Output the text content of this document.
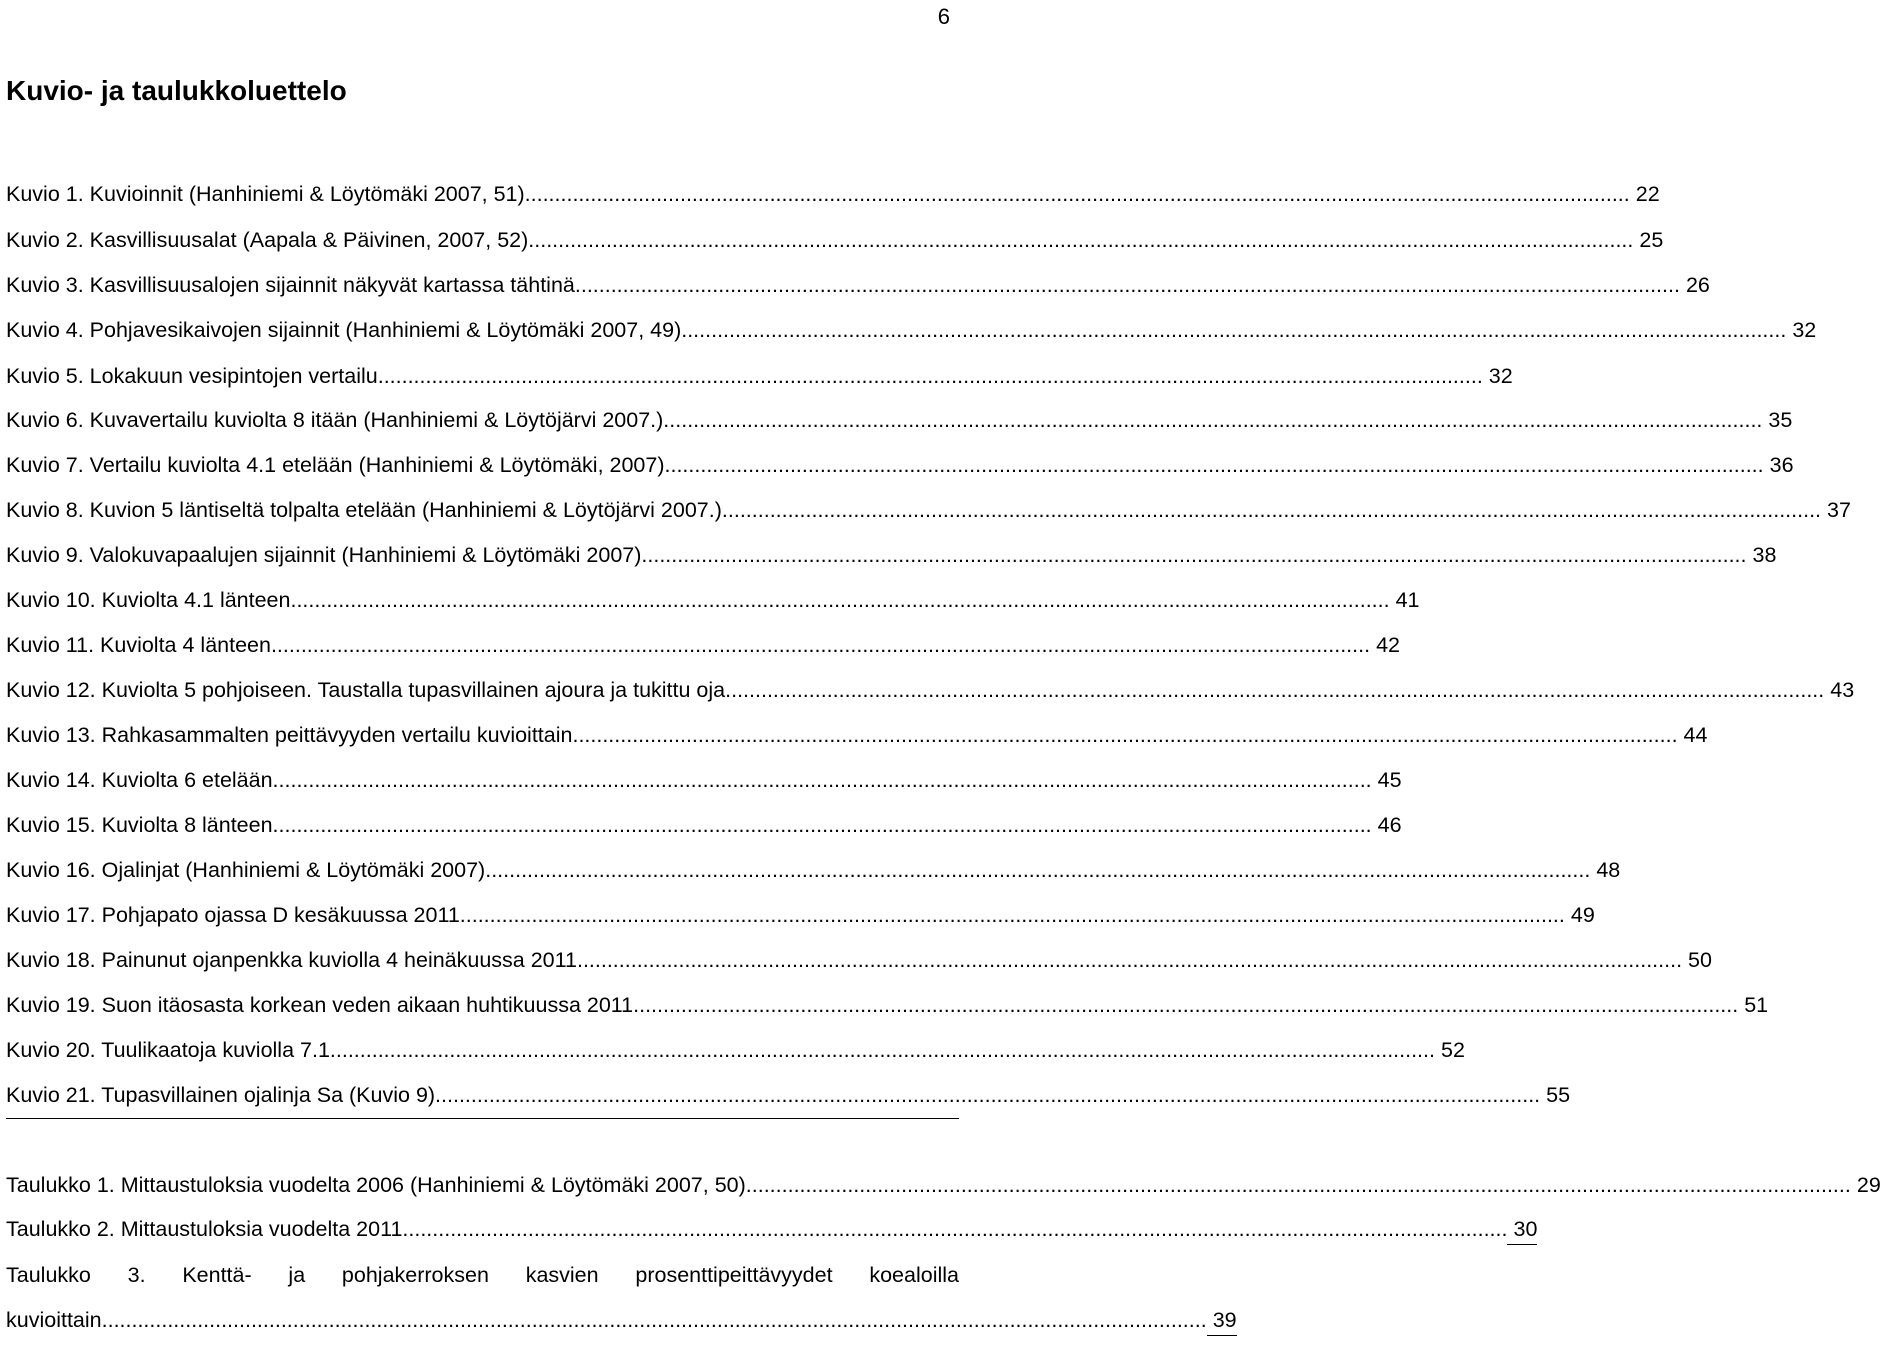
6
Kuvio- ja taulukkoluettelo
Kuvio 1. Kuvioinnit (Hanhiniemi & Löytömäki 2007, 51). ........................................................................................................................................................................................ 22
Kuvio 2. Kasvillisuusalat (Aapala & Päivinen, 2007, 52). ........................................................................................................................................................................................ 25
Kuvio 3. Kasvillisuusalojen sijainnit näkyvät kartassa tähtinä. ........................................................................................................................................................................................ 26
Kuvio 4. Pohjavesikaivojen sijainnit (Hanhiniemi & Löytömäki 2007, 49). ........................................................................................................................................................................................ 32
Kuvio 5. Lokakuun vesipintojen vertailu. ........................................................................................................................................................................................ 32
Kuvio 6. Kuvavertailu kuviolta 8 itään (Hanhiniemi & Löytöjärvi 2007.) ........................................................................................................................................................................................ 35
Kuvio 7. Vertailu kuviolta 4.1 etelään (Hanhiniemi & Löytömäki, 2007) ........................................................................................................................................................................................ 36
Kuvio 8. Kuvion 5 läntiseltä tolpalta etelään (Hanhiniemi & Löytöjärvi 2007.) ........................................................................................................................................................................................ 37
Kuvio 9. Valokuvapaalujen sijainnit (Hanhiniemi & Löytömäki 2007). ........................................................................................................................................................................................ 38
Kuvio 10. Kuviolta 4.1 länteen ........................................................................................................................................................................................ 41
Kuvio 11. Kuviolta 4 länteen ........................................................................................................................................................................................ 42
Kuvio 12. Kuviolta 5 pohjoiseen. Taustalla tupasvillainen ajoura ja tukittu oja ........................................................................................................................................................................................ 43
Kuvio 13. Rahkasammalten peittävyyden vertailu kuvioittain. ........................................................................................................................................................................................ 44
Kuvio 14. Kuviolta 6 etelään ........................................................................................................................................................................................ 45
Kuvio 15. Kuviolta 8 länteen ........................................................................................................................................................................................ 46
Kuvio 16. Ojalinjat (Hanhiniemi & Löytömäki 2007). ........................................................................................................................................................................................ 48
Kuvio 17. Pohjapato ojassa D kesäkuussa 2011. ........................................................................................................................................................................................ 49
Kuvio 18. Painunut ojanpenkka kuviolla 4 heinäkuussa 2011. ........................................................................................................................................................................................ 50
Kuvio 19. Suon itäosasta korkean veden aikaan huhtikuussa 2011. ........................................................................................................................................................................................ 51
Kuvio 20. Tuulikaatoja kuviolla 7.1. ........................................................................................................................................................................................ 52
Kuvio 21. Tupasvillainen ojalinja Sa (Kuvio 9). ........................................................................................................................................................................................ 55
Taulukko 1. Mittaustuloksia vuodelta 2006 (Hanhiniemi & Löytömäki 2007, 50). ........................................................................................................................................................................................ 29
Taulukko 2. Mittaustuloksia vuodelta 2011. ........................................................................................................................................................................................ 30
Taulukko 3. Kenttä- ja pohjakerroksen kasvien prosenttipeittävyydet koealoilla
kuvioittain. ........................................................................................................................................................................................ 39
